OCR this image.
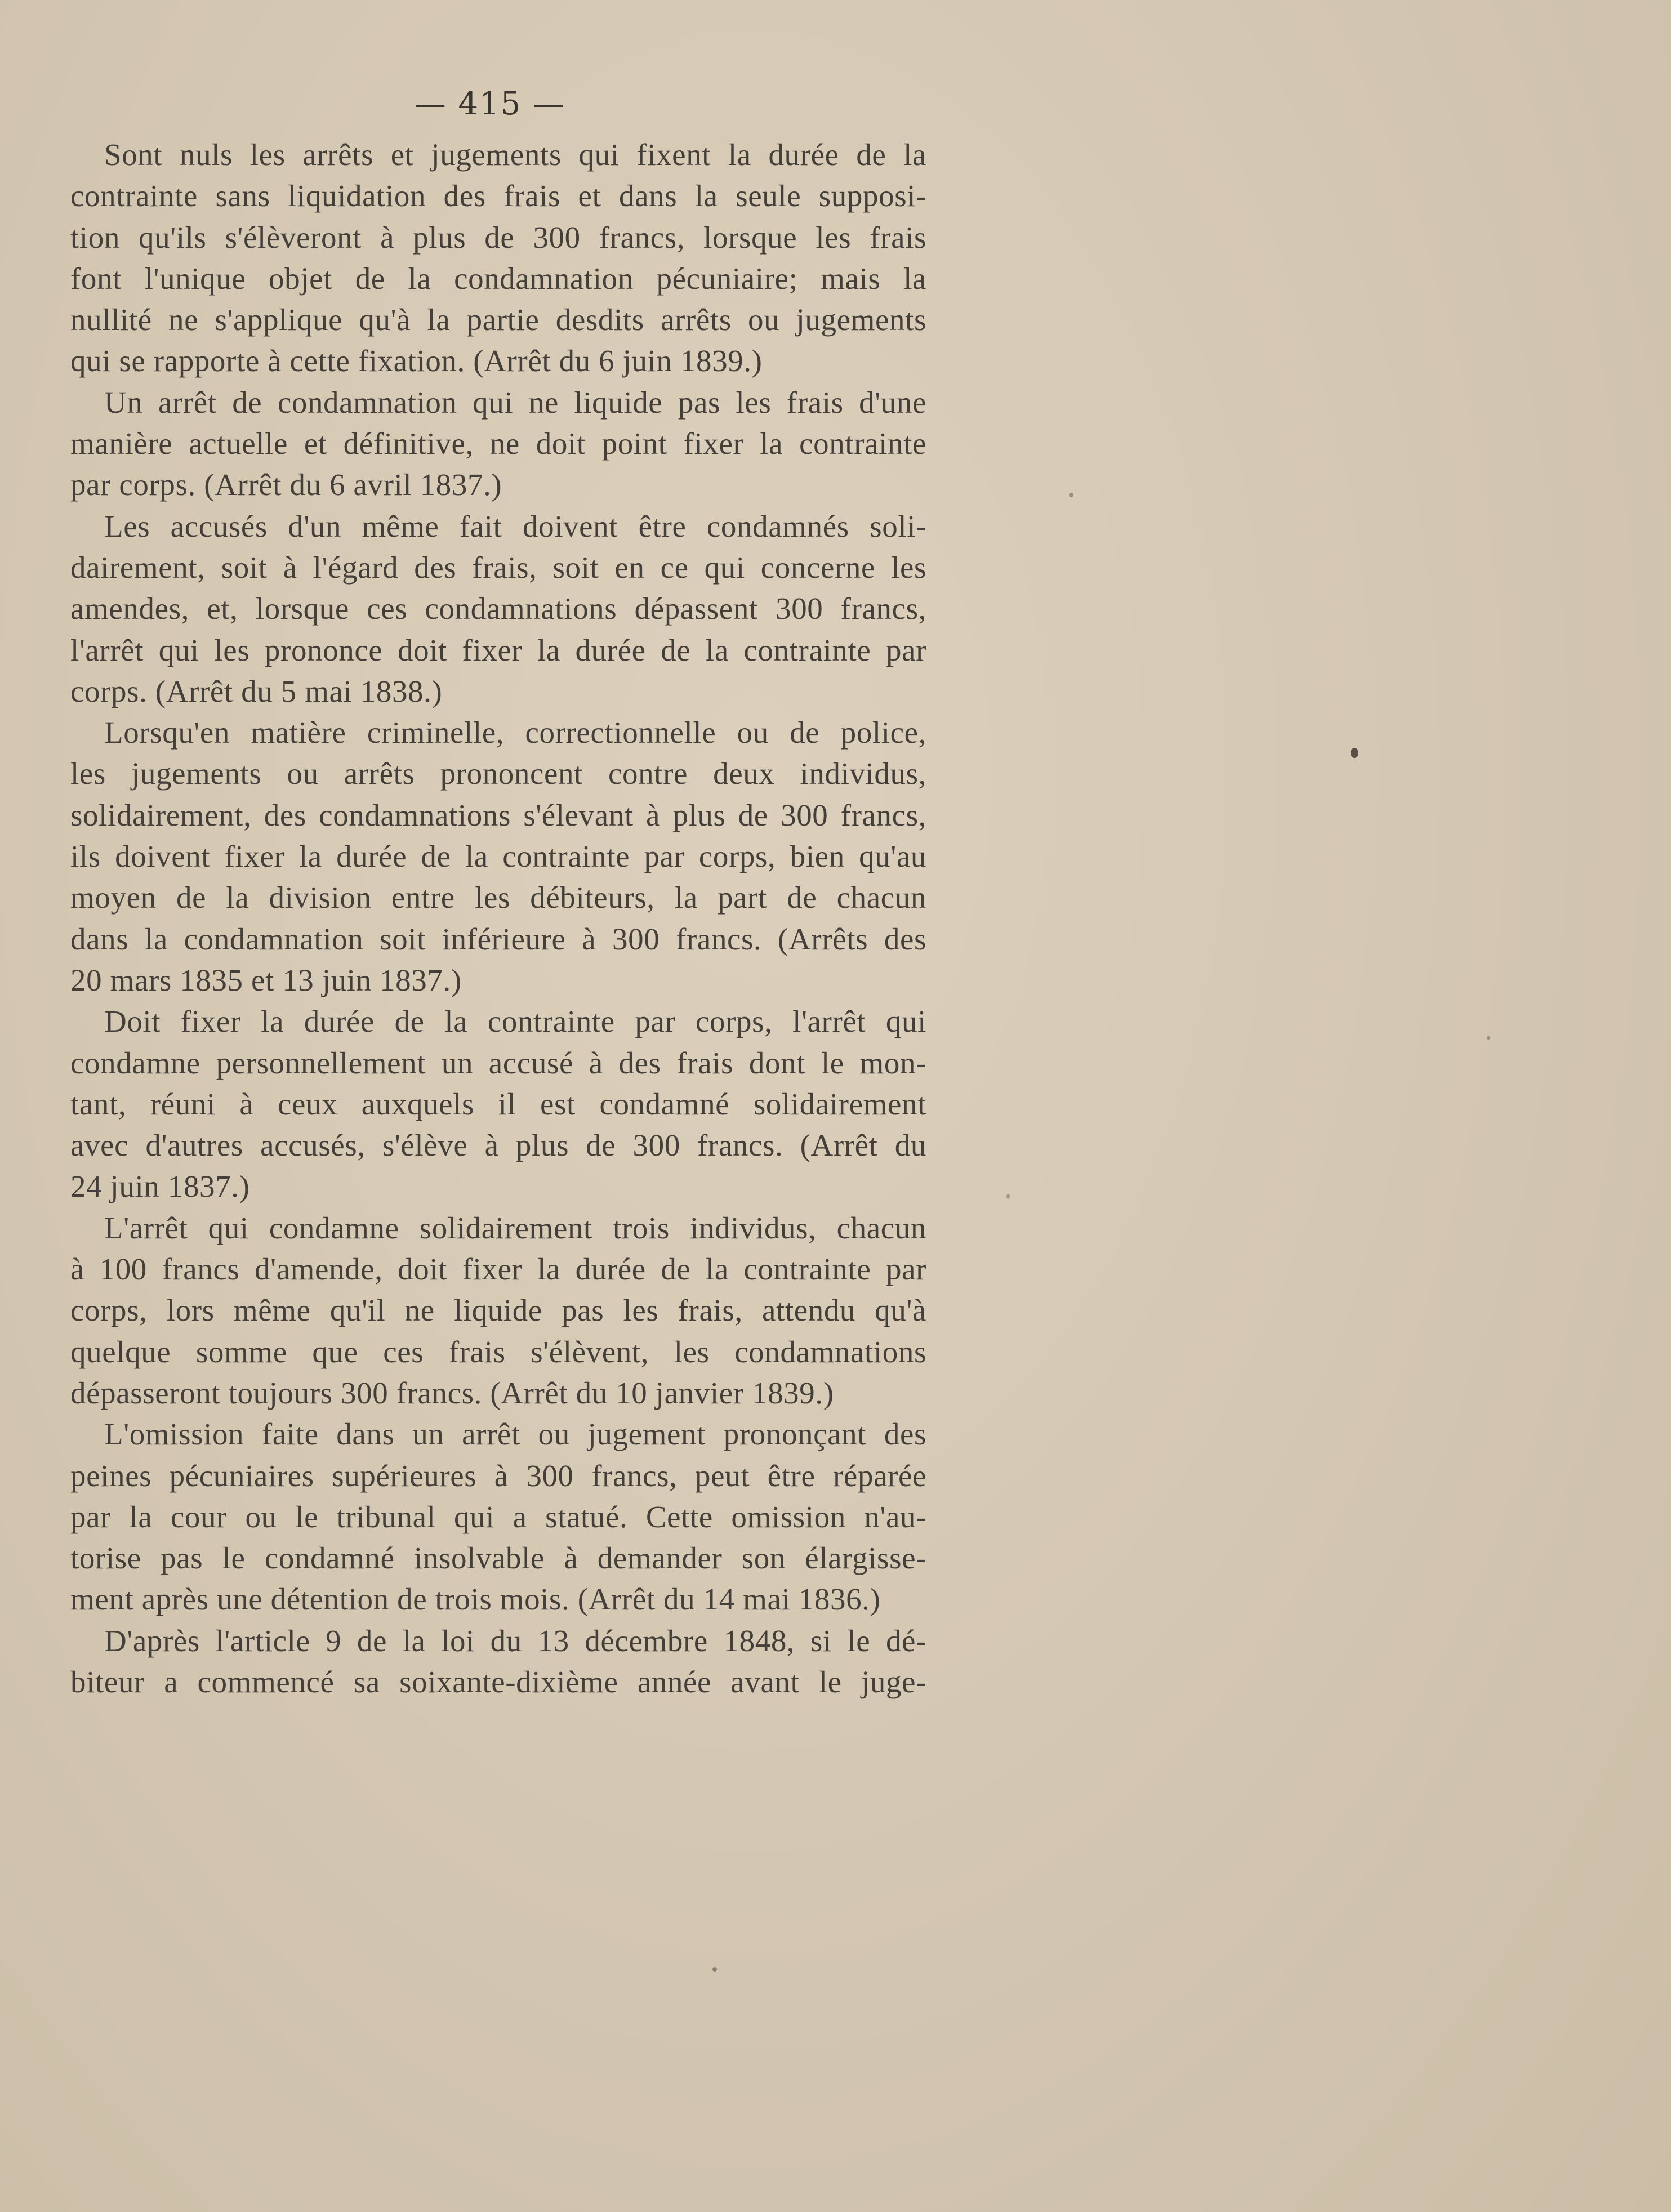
— 415 —
Sont nuls les arrêts et jugements qui fixent la durée de la
contrainte sans liquidation des frais et dans la seule supposi-
tion qu'ils s'élèveront à plus de 300 francs, lorsque les frais
font l'unique objet de la condamnation pécuniaire; mais la
nullité ne s'applique qu'à la partie desdits arrêts ou jugements
qui se rapporte à cette fixation. (Arrêt du 6 juin 1839.)
Un arrêt de condamnation qui ne liquide pas les frais d'une
manière actuelle et définitive, ne doit point fixer la contrainte
par corps. (Arrêt du 6 avril 1837.)
Les accusés d'un même fait doivent être condamnés soli-
dairement, soit à l'égard des frais, soit en ce qui concerne les
amendes, et, lorsque ces condamnations dépassent 300 francs,
l'arrêt qui les prononce doit fixer la durée de la contrainte par
corps. (Arrêt du 5 mai 1838.)
Lorsqu'en matière criminelle, correctionnelle ou de police,
les jugements ou arrêts prononcent contre deux individus,
solidairement, des condamnations s'élevant à plus de 300 francs,
ils doivent fixer la durée de la contrainte par corps, bien qu'au
moyen de la division entre les débiteurs, la part de chacun
dans la condamnation soit inférieure à 300 francs. (Arrêts des
20 mars 1835 et 13 juin 1837.)
Doit fixer la durée de la contrainte par corps, l'arrêt qui
condamne personnellement un accusé à des frais dont le mon-
tant, réuni à ceux auxquels il est condamné solidairement
avec d'autres accusés, s'élève à plus de 300 francs. (Arrêt du
24 juin 1837.)
L'arrêt qui condamne solidairement trois individus, chacun
à 100 francs d'amende, doit fixer la durée de la contrainte par
corps, lors même qu'il ne liquide pas les frais, attendu qu'à
quelque somme que ces frais s'élèvent, les condamnations
dépasseront toujours 300 francs. (Arrêt du 10 janvier 1839.)
L'omission faite dans un arrêt ou jugement prononçant des
peines pécuniaires supérieures à 300 francs, peut être réparée
par la cour ou le tribunal qui a statué. Cette omission n'au-
torise pas le condamné insolvable à demander son élargisse-
ment après une détention de trois mois. (Arrêt du 14 mai 1836.)
D'après l'article 9 de la loi du 13 décembre 1848, si le dé-
biteur a commencé sa soixante-dixième année avant le juge-
